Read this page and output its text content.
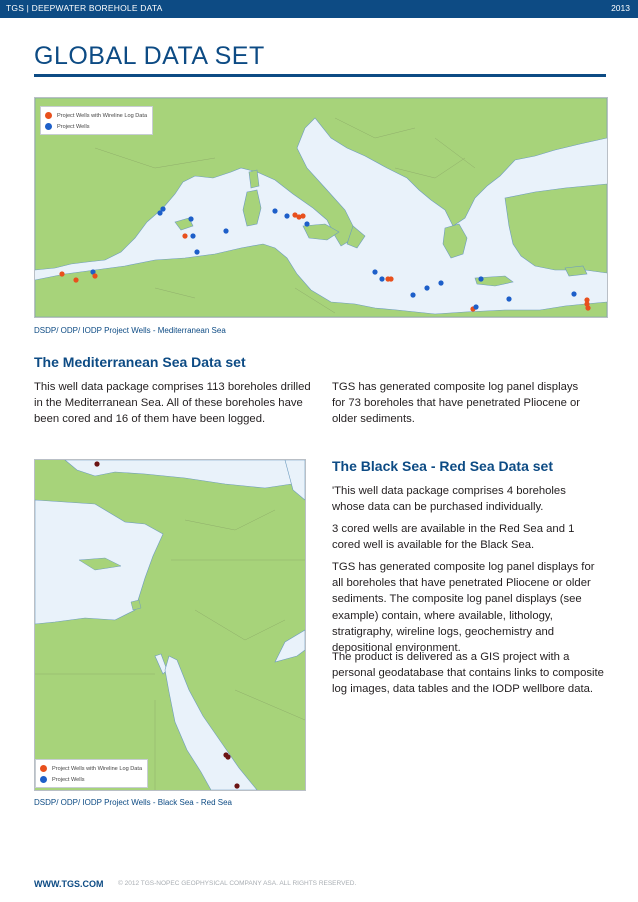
TGS | DEEPWATER BOREHOLE DATA	2013
GLOBAL DATA SET
Project Wells with Wireline Log Data
Project Wells
DSDP/ ODP/ IODP Project Wells - Mediterranean Sea
The Mediterranean Sea Data set

This well data package comprises 113 boreholes drilled in the Mediterranean Sea. All of these boreholes have been cored and 16 of them have been logged.

TGS has generated composite log panel displays for 73 boreholes that have penetrated Pliocene or older sediments.

Project Wells with Wireline Log Data
Project Wells
DSDP/ ODP/ IODP Project Wells - Black Sea - Red Sea
The Black Sea - Red Sea Data set

'This well data package comprises 4 boreholes whose data can be purchased individually.

3 cored wells are available in the Red Sea and 1 cored well is available for the Black Sea.

TGS has generated composite log panel displays for all boreholes that have penetrated Pliocene or older sediments. The composite log panel displays (see example) contain, where available, lithology, stratigraphy, wireline logs, geochemistry and depositional environment.

The product is delivered as a GIS project with a personal geodatabase that contains links to composite log images, data tables and the IODP wellbore data.

WWW.TGS.COM © 2012 TGS-NOPEC GEOPHYSICAL COMPANY ASA. ALL RIGHTS RESERVED.
